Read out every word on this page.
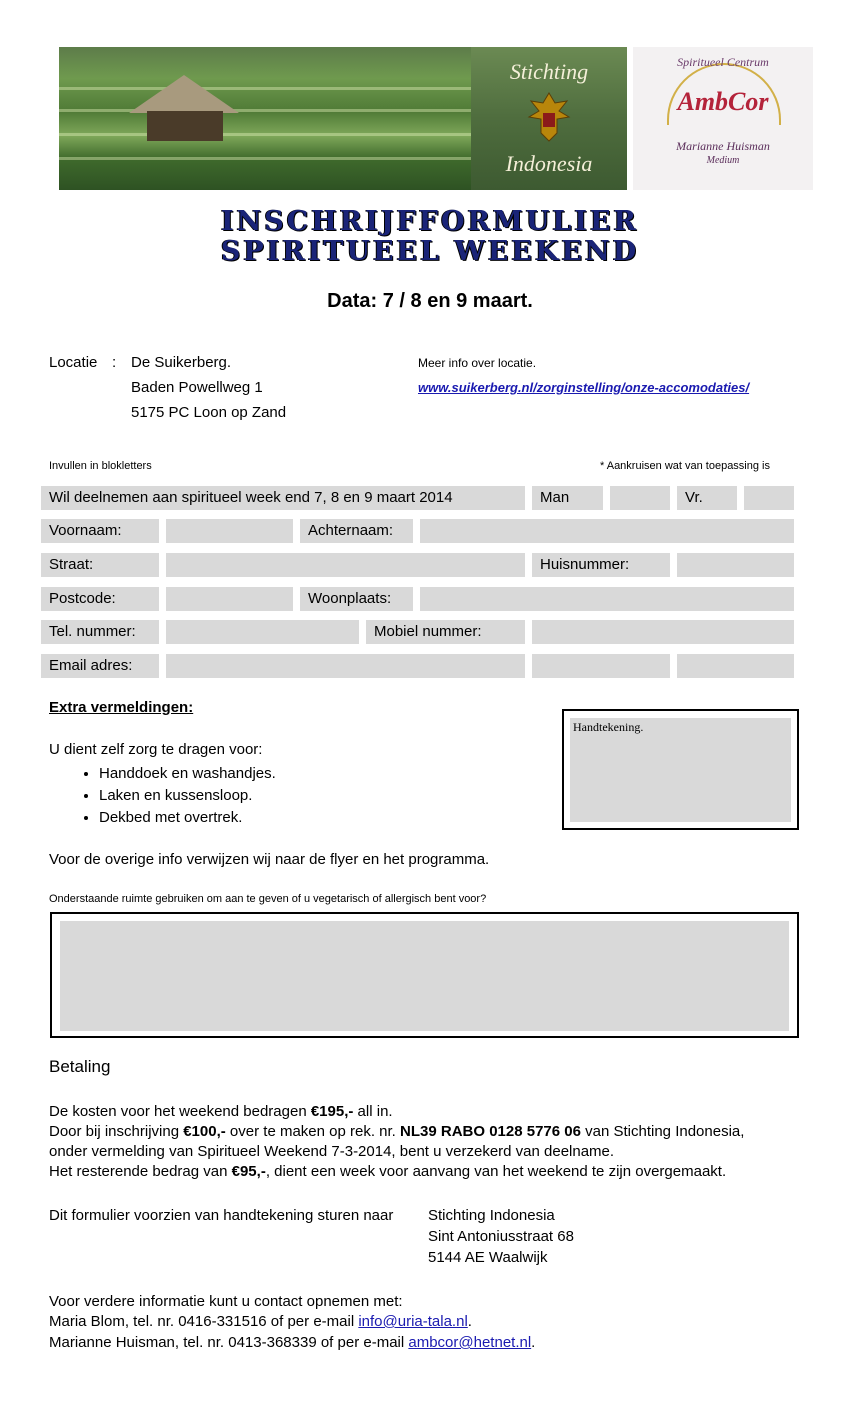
Stichting
Indonesia
Spiritueel Centrum
AmbCor
Marianne Huisman
Medium
INSCHRIJFFORMULIER
SPIRITUEEL WEEKEND
Data: 7 / 8 en 9 maart.
Locatie : De Suikerberg.
Baden Powellweg 1
5175 PC Loon op Zand
Meer info over locatie.
www.suikerberg.nl/zorginstelling/onze-accomodaties/
Invullen in blokletters	* Aankruisen wat van toepassing is
Wil deelnemen aan spiritueel week end 7, 8 en 9 maart 2014	Man	Vr.
Voornaam:	Achternaam:
Straat:	Huisnummer:
Postcode:	Woonplaats:
Tel. nummer:	Mobiel nummer:
Email adres:
Extra vermeldingen:
U dient zelf zorg te dragen voor:
• Handdoek en washandjes.
• Laken en kussensloop.
• Dekbed met overtrek.
Handtekening.
Voor de overige info verwijzen wij naar de flyer en het programma.
Onderstaande ruimte gebruiken om aan te geven of u vegetarisch of allergisch bent voor?
Betaling
De kosten voor het weekend bedragen €195,- all in.
Door bij inschrijving €100,- over te maken op rek. nr. NL39 RABO 0128 5776 06 van Stichting Indonesia,
onder vermelding van Spiritueel Weekend 7-3-2014, bent u verzekerd van deelname.
Het resterende bedrag van €95,-, dient een week voor aanvang van het weekend te zijn overgemaakt.
Dit formulier voorzien van handtekening sturen naar Stichting Indonesia
Sint Antoniusstraat 68
5144 AE Waalwijk
Voor verdere informatie kunt u contact opnemen met:
Maria Blom, tel. nr. 0416-331516 of per e-mail info@uria-tala.nl.
Marianne Huisman, tel. nr. 0413-368339 of per e-mail ambcor@hetnet.nl.
